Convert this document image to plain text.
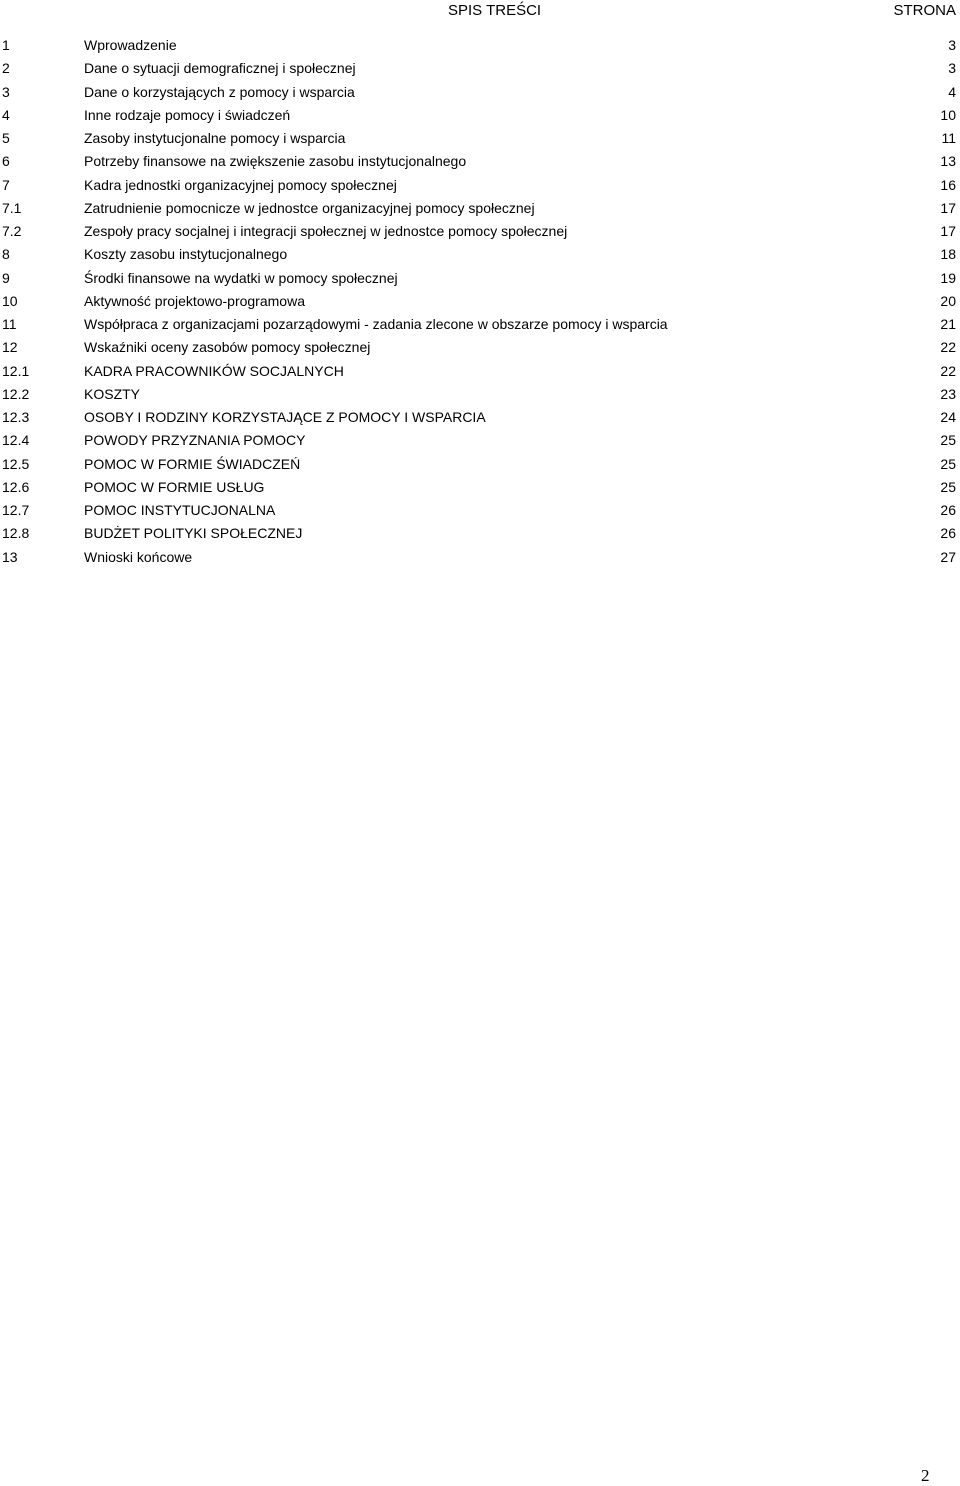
SPIS TREŚCI	STRONA
1	Wprowadzenie	3
2	Dane o sytuacji demograficznej i społecznej	3
3	Dane o korzystających z pomocy i wsparcia	4
4	Inne rodzaje pomocy i świadczeń	10
5	Zasoby instytucjonalne pomocy i wsparcia	11
6	Potrzeby finansowe na zwiększenie zasobu instytucjonalnego	13
7	Kadra jednostki organizacyjnej pomocy społecznej	16
7.1	Zatrudnienie pomocnicze w jednostce organizacyjnej pomocy społecznej	17
7.2	Zespoły pracy socjalnej i integracji społecznej w jednostce pomocy społecznej	17
8	Koszty zasobu instytucjonalnego	18
9	Środki finansowe na wydatki w pomocy społecznej	19
10	Aktywność projektowo-programowa	20
11	Współpraca z organizacjami pozarządowymi - zadania zlecone w obszarze pomocy i wsparcia	21
12	Wskaźniki oceny zasobów pomocy społecznej	22
12.1	KADRA PRACOWNIKÓW SOCJALNYCH	22
12.2	KOSZTY	23
12.3	OSOBY I RODZINY KORZYSTAJĄCE Z POMOCY I WSPARCIA	24
12.4	POWODY PRZYZNANIA POMOCY	25
12.5	POMOC W FORMIE ŚWIADCZEŃ	25
12.6	POMOC W FORMIE USŁUG	25
12.7	POMOC INSTYTUCJONALNA	26
12.8	BUDŻET POLITYKI SPOŁECZNEJ	26
13	Wnioski końcowe	27
2
